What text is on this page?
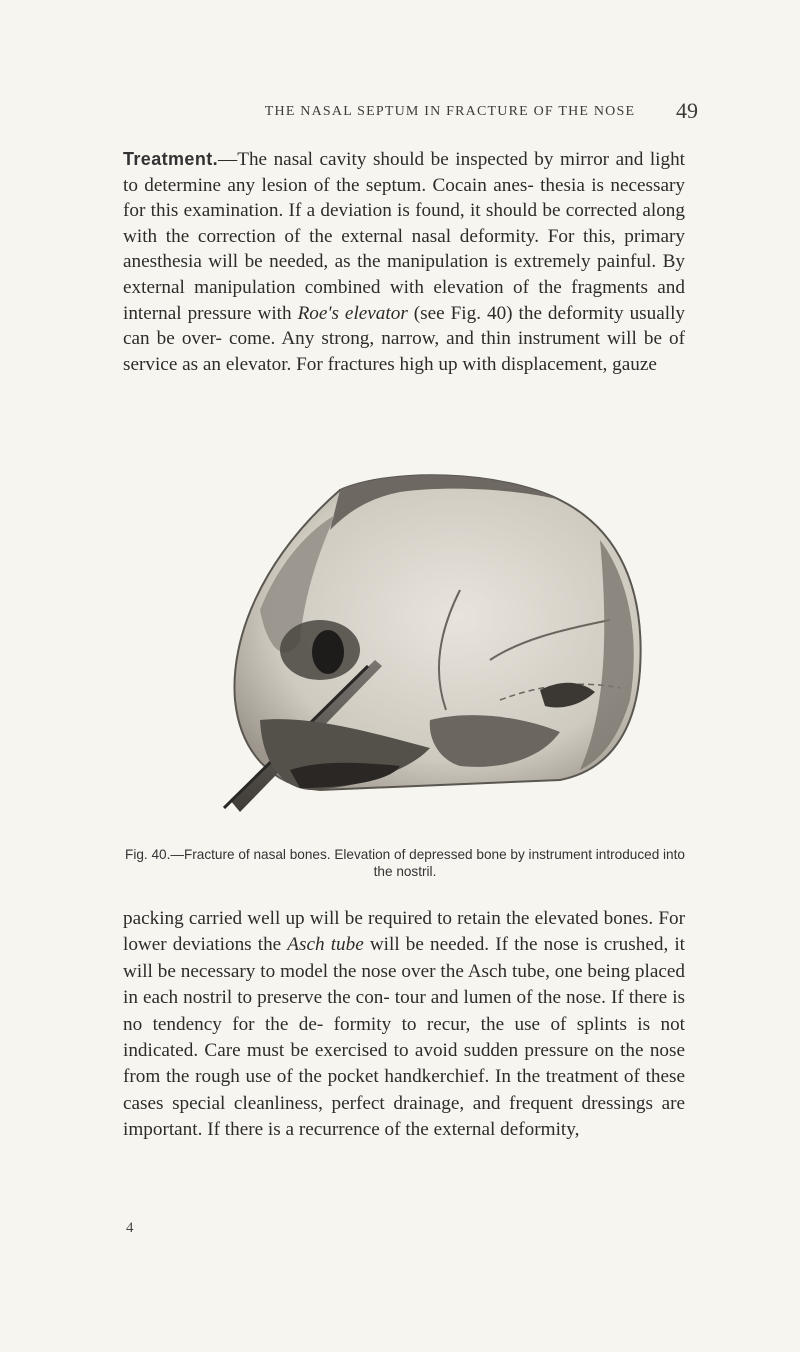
THE NASAL SEPTUM IN FRACTURE OF THE NOSE 49

Treatment.—The nasal cavity should be inspected by mirror and light to determine any lesion of the septum. Cocain anes- thesia is necessary for this examination. If a deviation is found, it should be corrected along with the correction of the external nasal deformity. For this, primary anesthesia will be needed, as the manipulation is extremely painful. By external manipulation combined with elevation of the fragments and internal pressure with Roe's elevator (see Fig. 40) the deformity usually can be over- come. Any strong, narrow, and thin instrument will be of service as an elevator. For fractures high up with displacement, gauze

Fig. 40.—Fracture of nasal bones. Elevation of depressed bone by instrument introduced into the nostril.

packing carried well up will be required to retain the elevated bones. For lower deviations the Asch tube will be needed. If the nose is crushed, it will be necessary to model the nose over the Asch tube, one being placed in each nostril to preserve the con- tour and lumen of the nose. If there is no tendency for the de- formity to recur, the use of splints is not indicated. Care must be exercised to avoid sudden pressure on the nose from the rough use of the pocket handkerchief. In the treatment of these cases special cleanliness, perfect drainage, and frequent dressings are important. If there is a recurrence of the external deformity,

4
